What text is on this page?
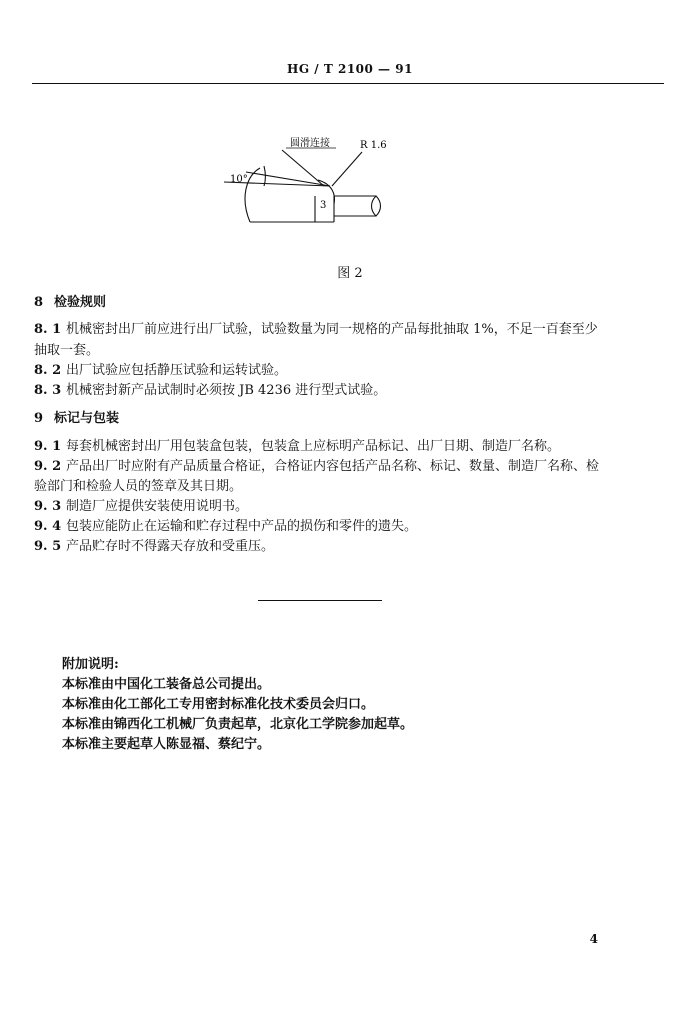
HG / T 2100 — 91
圆滑连接	R 1.6
10°
3
图 2
8 检验规则
8. 1 机械密封出厂前应进行出厂试验，试验数量为同一规格的产品每批抽取 1%，不足一百套至少
抽取一套。
8. 2 出厂试验应包括静压试验和运转试验。
8. 3 机械密封新产品试制时必须按 JB 4236 进行型式试验。
9 标记与包装
9. 1 每套机械密封出厂用包装盒包装，包装盒上应标明产品标记、出厂日期、制造厂名称。
9. 2 产品出厂时应附有产品质量合格证，合格证内容包括产品名称、标记、数量、制造厂名称、检
验部门和检验人员的签章及其日期。
9. 3 制造厂应提供安装使用说明书。
9. 4 包装应能防止在运输和贮存过程中产品的损伤和零件的遗失。
9. 5 产品贮存时不得露天存放和受重压。
附加说明:
本标准由中国化工装备总公司提出。
本标准由化工部化工专用密封标准化技术委员会归口。
本标准由锦西化工机械厂负责起草，北京化工学院参加起草。
本标准主要起草人陈显福、蔡纪宁。
4
